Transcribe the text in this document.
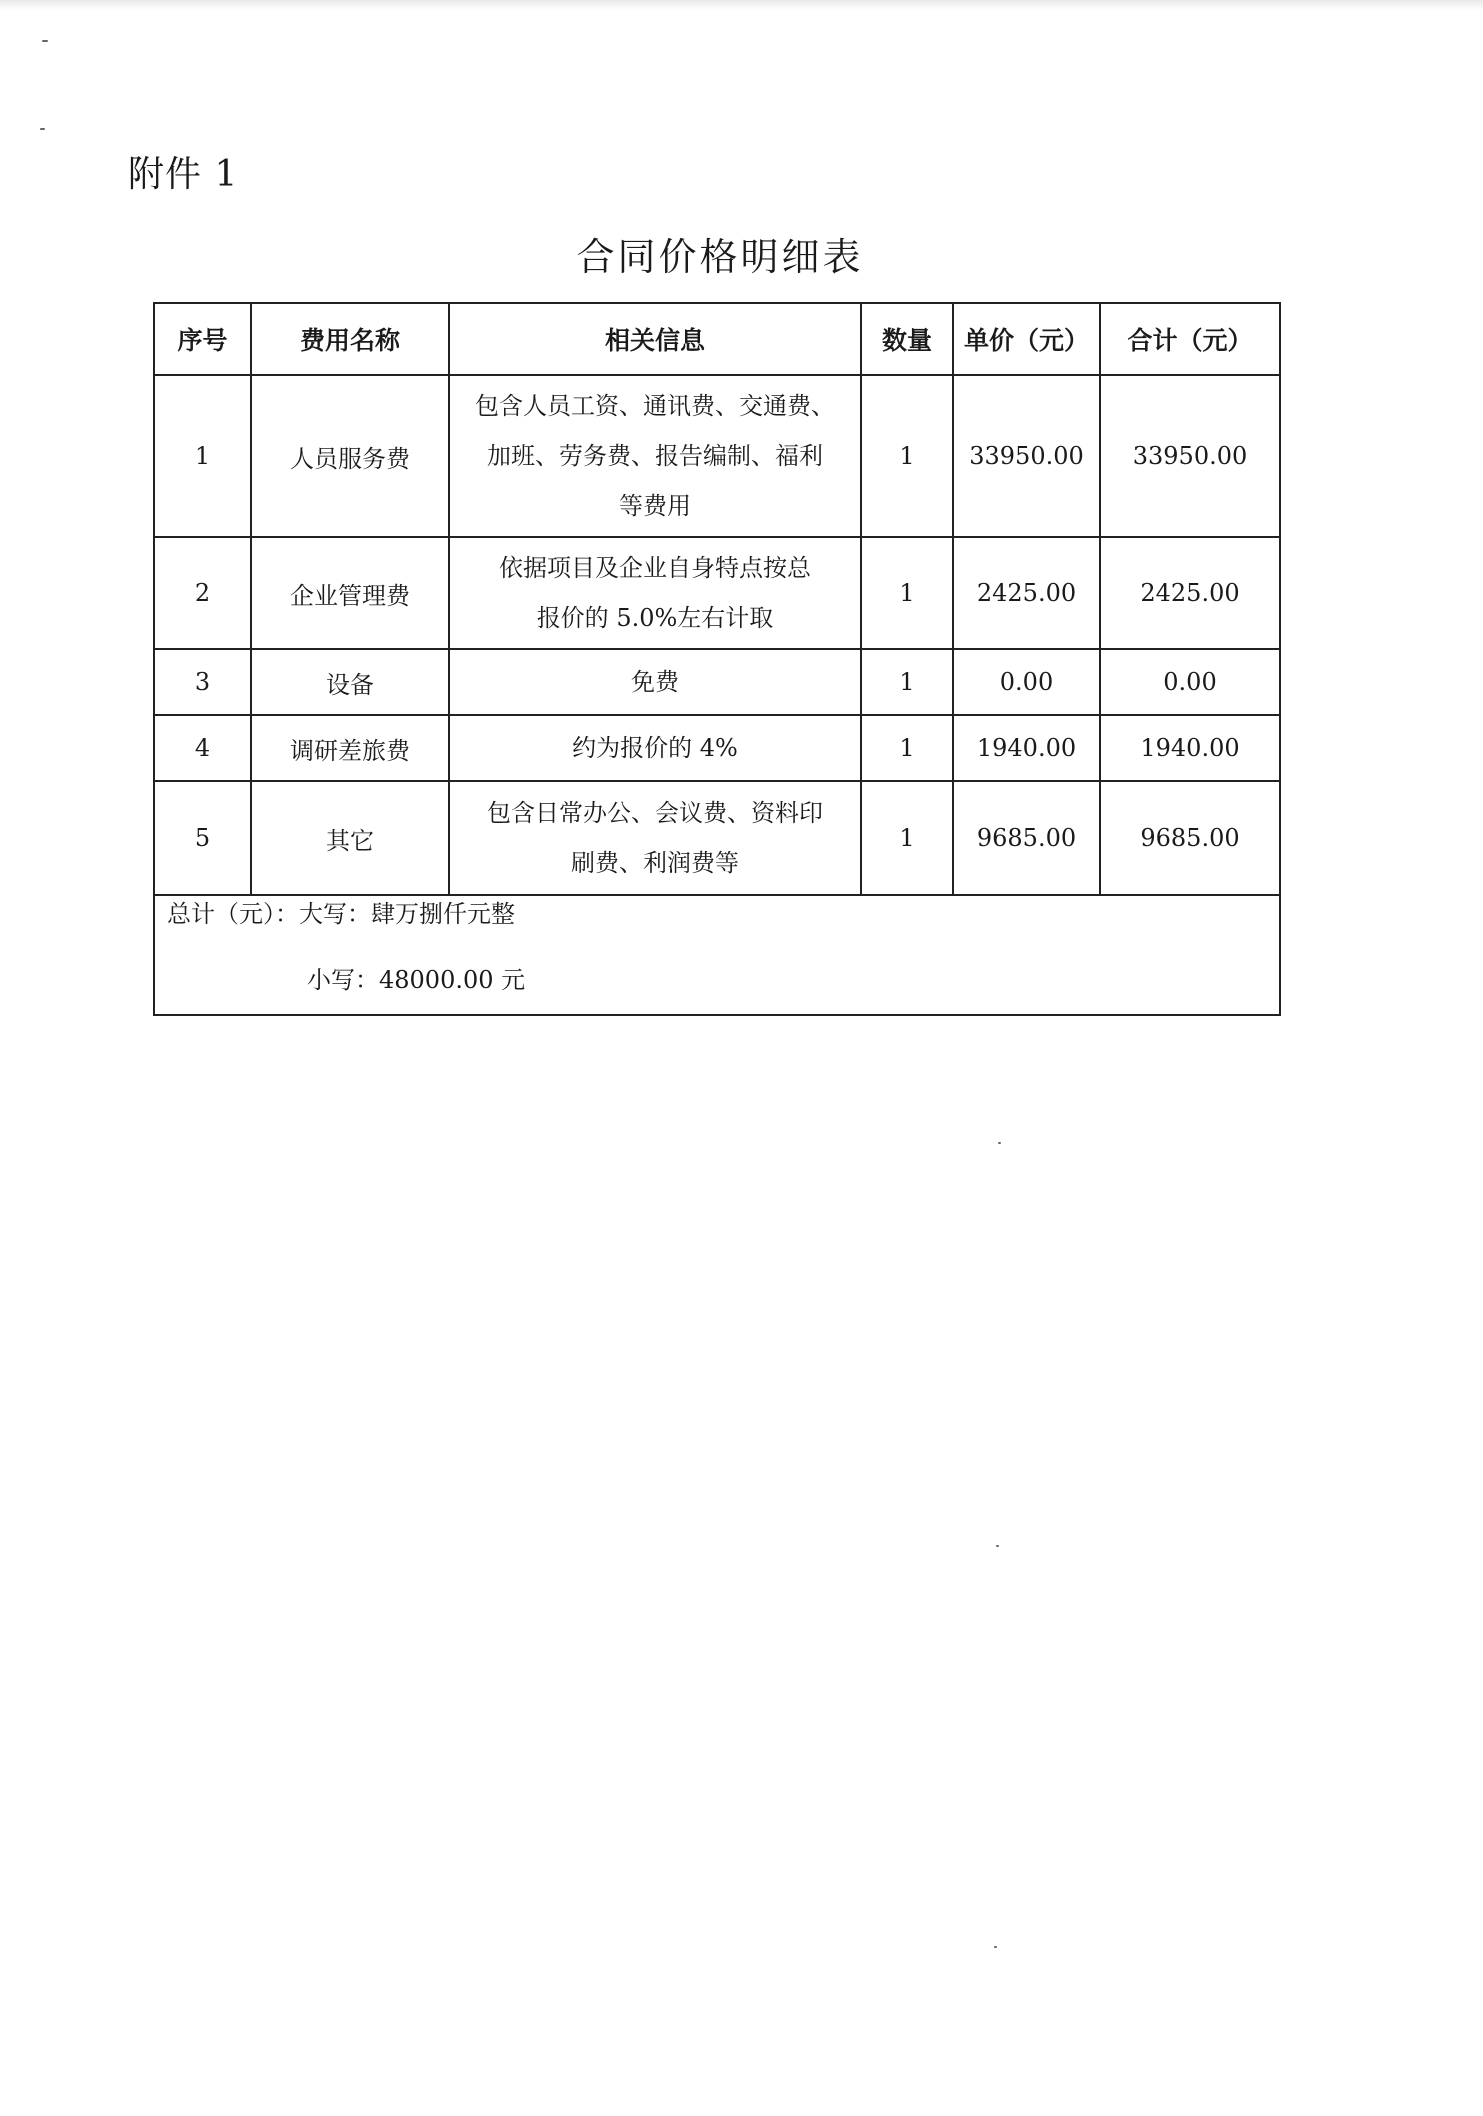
附件 1
合同价格明细表
序号	费用名称	相关信息	数量	单价（元）	合计（元）
1	人员服务费	包含人员工资、通讯费、交通费、
加班、劳务费、报告编制、福利
等费用	1	33950.00	33950.00
2	企业管理费	依据项目及企业自身特点按总
报价的 5.0%左右计取	1	2425.00	2425.00
3	设备	免费	1	0.00	0.00
4	调研差旅费	约为报价的 4%	1	1940.00	1940.00
5	其它	包含日常办公、会议费、资料印
刷费、利润费等	1	9685.00	9685.00

总计（元）：大写：肆万捌仟元整
小写：48000.00 元					
